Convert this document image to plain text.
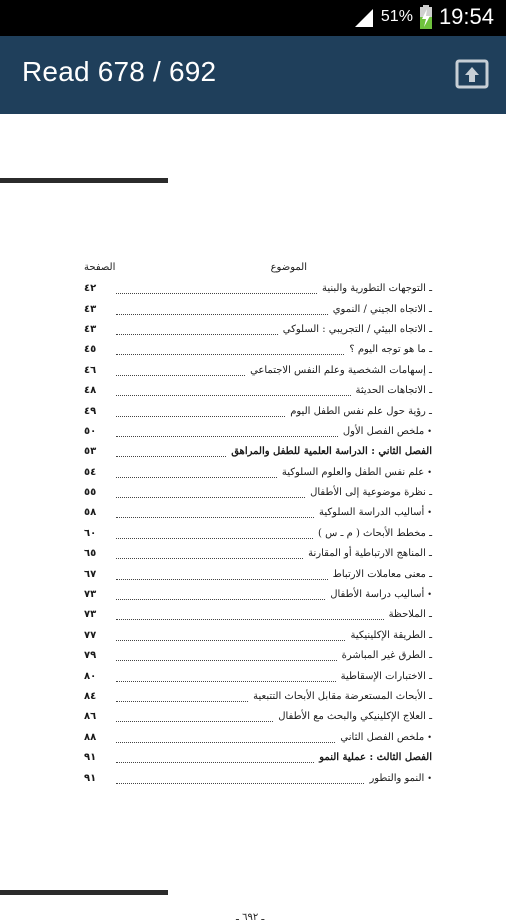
51% 19:54
Read 678 / 692
الموضوع
الصفحة
ـ التوجهات التطورية والبنية
٤٢
ـ الاتجاه الجيني / النموي
٤٣
ـ الاتجاه البيئي / التجريبي : السلوكي
٤٣
ـ ما هو توجه اليوم ؟
٤٥
ـ إسهامات الشخصية وعلم النفس الاجتماعي
٤٦
ـ الاتجاهات الحديثة
٤٨
ـ رؤية حول علم نفس الطفل اليوم
٤٩
•
ملخص الفصل الأول
٥٠
الفصل الثاني : الدراسة العلمية للطفل والمراهق
٥٣
•
علم نفس الطفل والعلوم السلوكية
٥٤
ـ نظرة موضوعية إلى الأطفال
٥٥
•
أساليب الدراسة السلوكية
٥٨
ـ مخطط الأبحاث ( م ـ س )
٦٠
ـ المناهج الارتباطية أو المقارنة
٦٥
ـ معنى معاملات الارتباط
٦٧
•
أساليب دراسة الأطفال
٧٣
ـ الملاحظة
٧٣
ـ الطريقة الإكلينيكية
٧٧
ـ الطرق غير المباشرة
٧٩
ـ الاختبارات الإسقاطية
٨٠
ـ الأبحاث المستعرضة مقابل الأبحاث التتبعية
٨٤
ـ العلاج الإكلينيكي والبحث مع الأطفال
٨٦
•
ملخص الفصل الثاني
٨٨
الفصل الثالث : عملية النمو
٩١
•
النمو والتطور
٩١
ـ ٦٩٢ ـ
